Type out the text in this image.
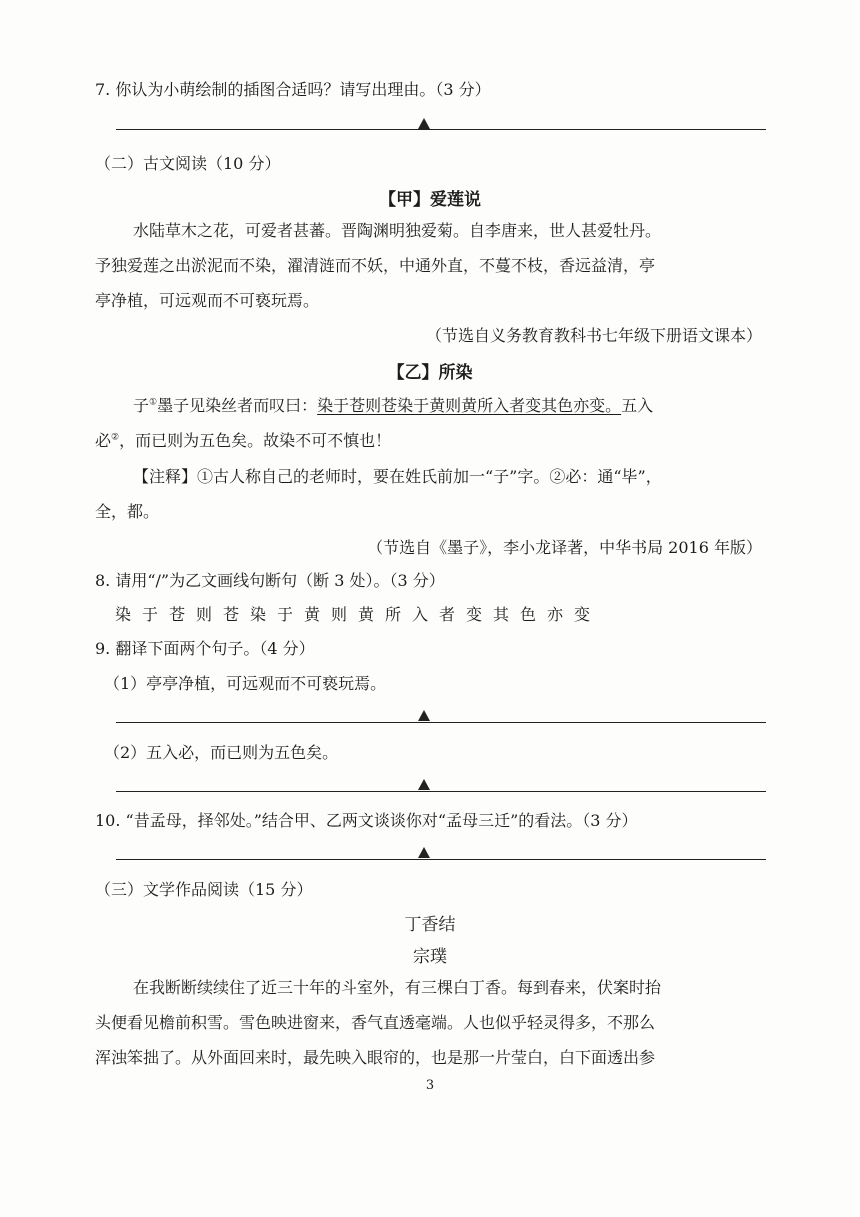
7. 你认为小萌绘制的插图合适吗？请写出理由。（3 分）
（二）古文阅读（10 分）
【甲】爱莲说
水陆草木之花，可爱者甚蕃。晋陶渊明独爱菊。自李唐来，世人甚爱牡丹。
予独爱莲之出淤泥而不染，濯清涟而不妖，中通外直，不蔓不枝，香远益清，亭
亭净植，可远观而不可亵玩焉。
（节选自义务教育教科书七年级下册语文课本）
【乙】所染
子①墨子见染丝者而叹曰：染于苍则苍染于黄则黄所入者变其色亦变。五入
必②，而已则为五色矣。故染不可不慎也！
【注释】①古人称自己的老师时，要在姓氏前加一“子”字。②必：通“毕”，
全，都。
（节选自《墨子》，李小龙译著，中华书局 2016 年版）
8. 请用“/”为乙文画线句断句（断 3 处）。（3 分）
染于苍则苍染于黄则黄所入者变其色亦变
9. 翻译下面两个句子。（4 分）
（1）亭亭净植，可远观而不可亵玩焉。
（2）五入必，而已则为五色矣。
10. “昔孟母，择邻处。”结合甲、乙两文谈谈你对“孟母三迁”的看法。（3 分）
（三）文学作品阅读（15 分）
丁香结
宗璞
在我断断续续住了近三十年的斗室外，有三棵白丁香。每到春来，伏案时抬
头便看见檐前积雪。雪色映进窗来，香气直透毫端。人也似乎轻灵得多，不那么
浑浊笨拙了。从外面回来时，最先映入眼帘的，也是那一片莹白，白下面透出参
3
